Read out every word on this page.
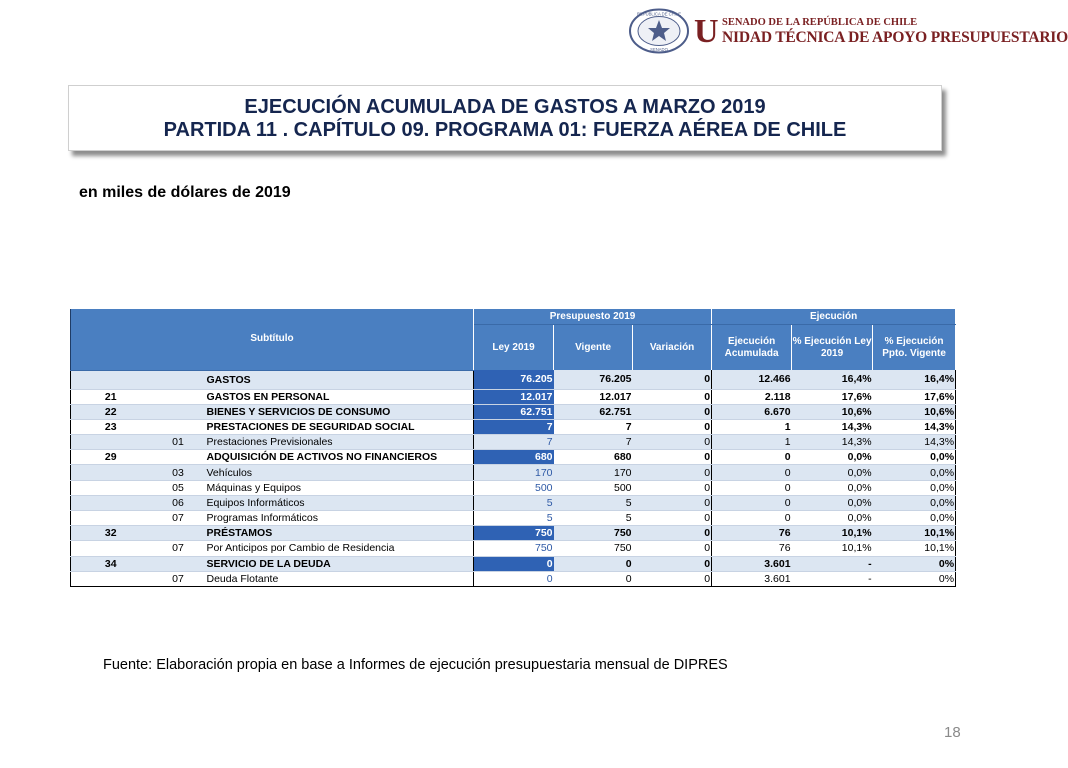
REPUBLICA DE CHILE
SENADO U SENADO DE LA REPÚBLICA DE CHILE
NIDAD TÉCNICA DE APOYO PRESUPUESTARIO
EJECUCIÓN ACUMULADA DE GASTOS A MARZO 2019
PARTIDA 11 . CAPÍTULO 09. PROGRAMA 01: FUERZA AÉREA DE CHILE
en miles de dólares de 2019
Subtítulo			Presupuesto 2019			Ejecución		
			Ley 2019	Vigente	Variación	Ejecución Acumulada	% Ejecución Ley 2019	% Ejecución Ppto. Vigente
		GASTOS	76.205	76.205	0	12.466	16,4%	16,4%
21		GASTOS EN PERSONAL	12.017	12.017	0	2.118	17,6%	17,6%
22		BIENES Y SERVICIOS DE CONSUMO	62.751	62.751	0	6.670	10,6%	10,6%
23		PRESTACIONES DE SEGURIDAD SOCIAL	7	7	0	1	14,3%	14,3%
	01	Prestaciones Previsionales	7	7	0	1	14,3%	14,3%
29		ADQUISICIÓN DE ACTIVOS NO FINANCIEROS	680	680	0	0	0,0%	0,0%
	03	Vehículos	170	170	0	0	0,0%	0,0%
	05	Máquinas y Equipos	500	500	0	0	0,0%	0,0%
	06	Equipos Informáticos	5	5	0	0	0,0%	0,0%
	07	Programas Informáticos	5	5	0	0	0,0%	0,0%
32		PRÉSTAMOS	750	750	0	76	10,1%	10,1%
	07	Por Anticipos por Cambio de Residencia	750	750	0	76	10,1%	10,1%
34		SERVICIO DE LA DEUDA	0	0	0	3.601	-	0%
	07	Deuda Flotante	0	0	0	3.601	-	0%
Fuente: Elaboración propia en base a Informes de ejecución presupuestaria mensual de DIPRES
18
